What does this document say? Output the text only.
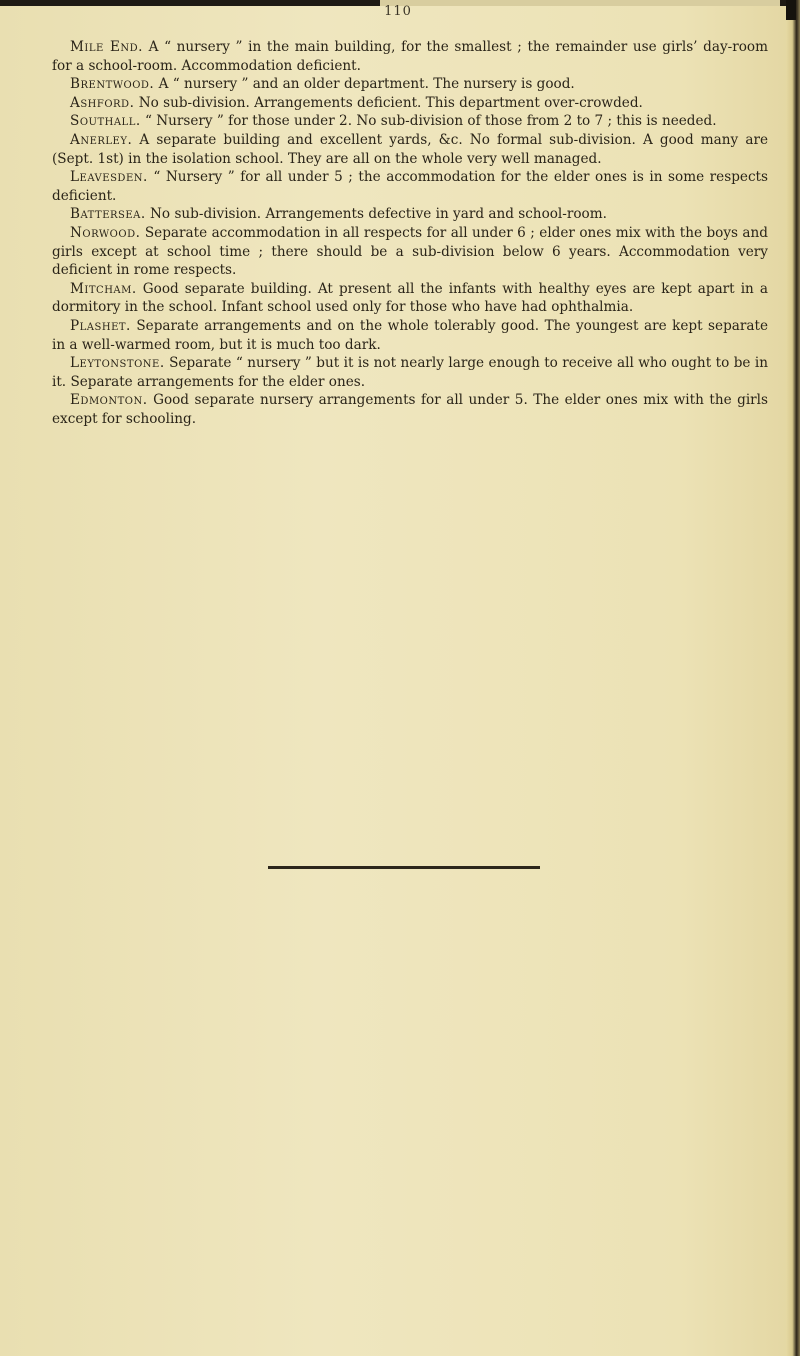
110

Mile End. A “ nursery ” in the main building, for the smallest ; the remainder use girls’ day-room for a school-room. Accommodation deficient.

Brentwood. A “ nursery ” and an older department. The nursery is good.

Ashford. No sub-division. Arrangements deficient. This department over-crowded.

Southall. “ Nursery ” for those under 2. No sub-division of those from 2 to 7 ; this is needed.

Anerley. A separate building and excellent yards, &c. No formal sub-division. A good many are (Sept. 1st) in the isolation school. They are all on the whole very well managed.

Leavesden. “ Nursery ” for all under 5 ; the accommodation for the elder ones is in some respects deficient.

Battersea. No sub-division. Arrangements defective in yard and school-room.

Norwood. Separate accommodation in all respects for all under 6 ; elder ones mix with the boys and girls except at school time ; there should be a sub-division below 6 years. Accommodation very deficient in rome respects.

Mitcham. Good separate building. At present all the infants with healthy eyes are kept apart in a dormitory in the school. Infant school used only for those who have had ophthalmia.

Plashet. Separate arrangements and on the whole tolerably good. The youngest are kept separate in a well-warmed room, but it is much too dark.

Leytonstone. Separate “ nursery ” but it is not nearly large enough to receive all who ought to be in it. Separate arrangements for the elder ones.

Edmonton. Good separate nursery arrangements for all under 5. The elder ones mix with the girls except for schooling.
